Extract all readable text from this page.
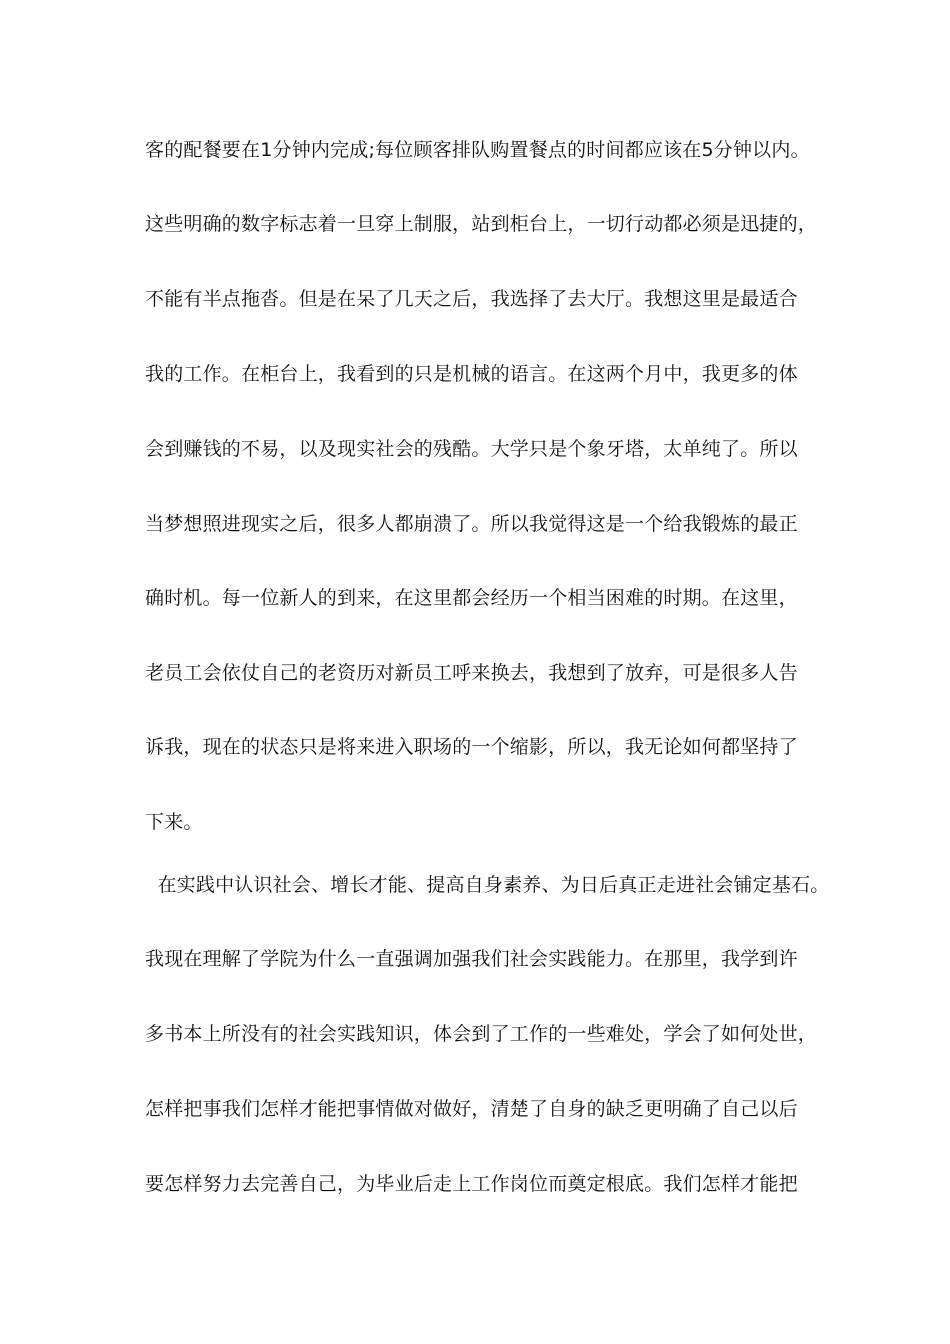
客的配餐要在1分钟内完成;每位顾客排队购置餐点的时间都应该在5分钟以内。
这些明确的数字标志着一旦穿上制服，站到柜台上，一切行动都必须是迅捷的，
不能有半点拖沓。但是在呆了几天之后，我选择了去大厅。我想这里是最适合
我的工作。在柜台上，我看到的只是机械的语言。在这两个月中，我更多的体
会到赚钱的不易，以及现实社会的残酷。大学只是个象牙塔，太单纯了。所以
当梦想照进现实之后，很多人都崩溃了。所以我觉得这是一个给我锻炼的最正
确时机。每一位新人的到来，在这里都会经历一个相当困难的时期。在这里，
老员工会依仗自己的老资历对新员工呼来换去，我想到了放弃，可是很多人告
诉我，现在的状态只是将来进入职场的一个缩影，所以，我无论如何都坚持了
下来。
在实践中认识社会、增长才能、提高自身素养、为日后真正走进社会铺定基石。
我现在理解了学院为什么一直强调加强我们社会实践能力。在那里，我学到许
多书本上所没有的社会实践知识，体会到了工作的一些难处，学会了如何处世，
怎样把事我们怎样才能把事情做对做好，清楚了自身的缺乏更明确了自己以后
要怎样努力去完善自己，为毕业后走上工作岗位而奠定根底。我们怎样才能把
